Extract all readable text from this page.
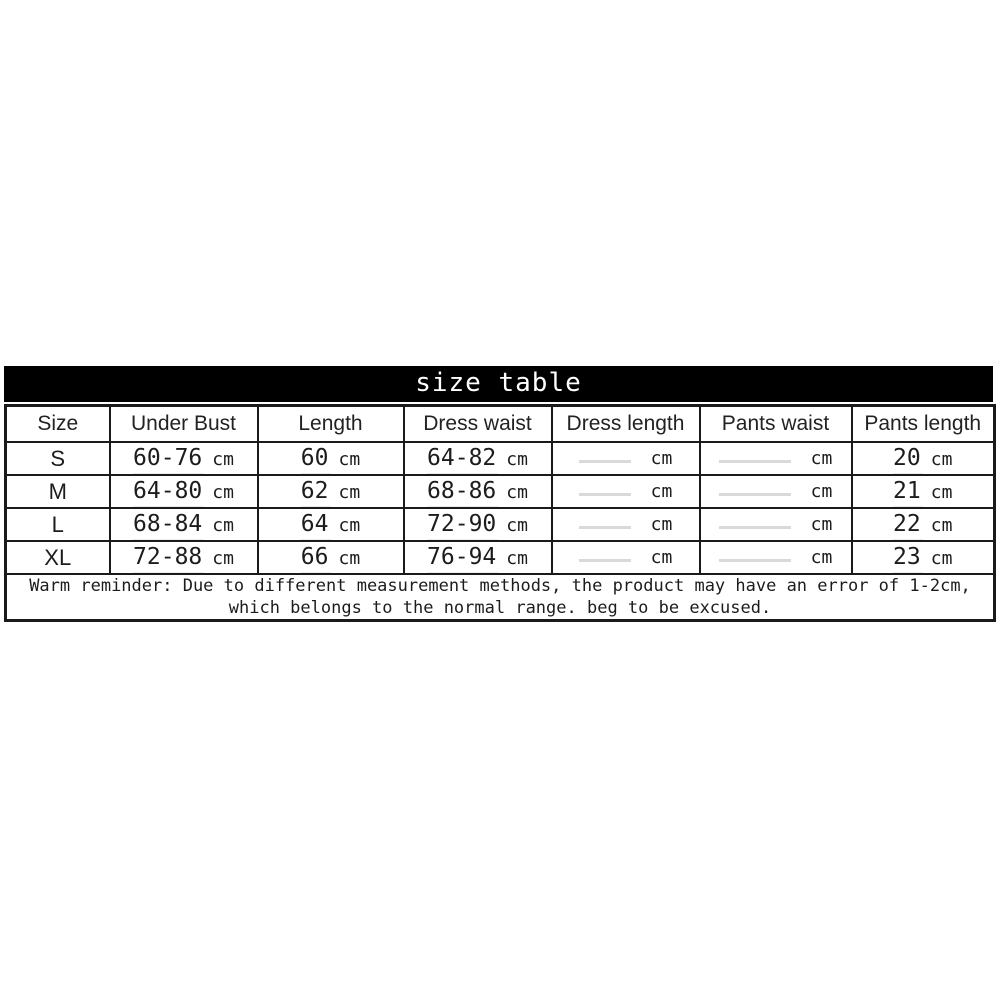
size table
Size	Under Bust	Length	Dress waist	Dress length	Pants waist	Pants length
S	60-76 cm	60 cm	64-82 cm	cm	cm	20 cm
M	64-80 cm	62 cm	68-86 cm	cm	cm	21 cm
L	68-84 cm	64 cm	72-90 cm	cm	cm	22 cm
XL	72-88 cm	66 cm	76-94 cm	cm	cm	23 cm

Warm reminder: Due to different measurement methods, the product may have an error of 1-2cm,
which belongs to the normal range. beg to be excused.						
